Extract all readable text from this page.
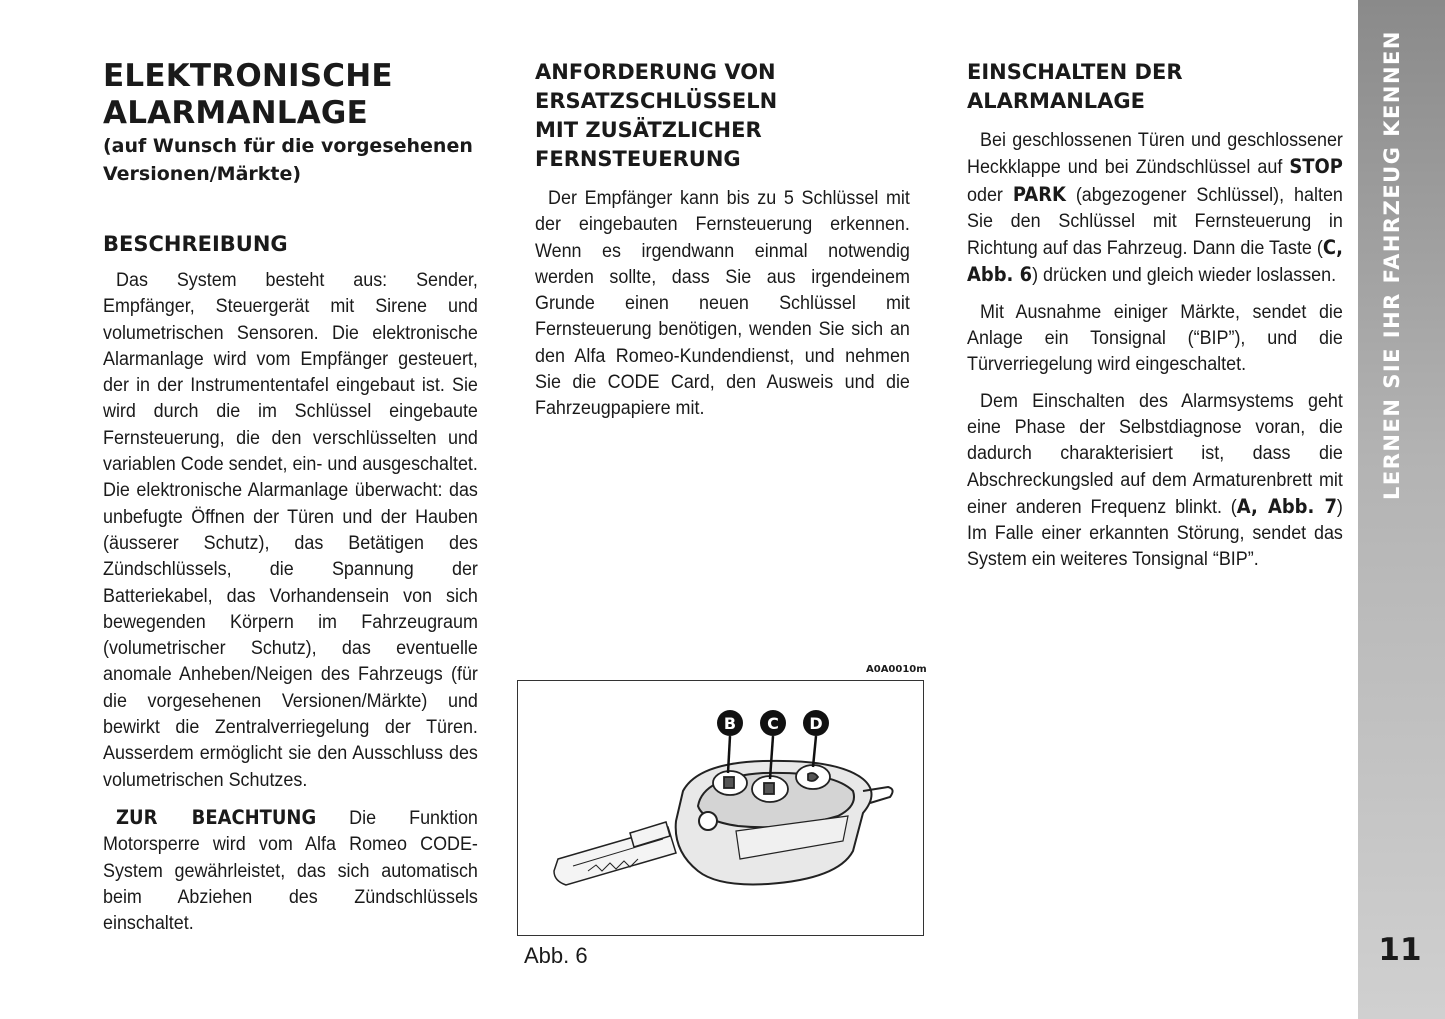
ELEKTRONISCHE
ALARMANLAGE
(auf Wunsch für die vorgesehenen
Versionen/Märkte)
BESCHREIBUNG

Das System besteht aus: Sender, Empfänger, Steuergerät mit Sirene und volumetrischen Sensoren. Die elektronische Alarmanlage wird vom Empfänger gesteuert, der in der Instrumententafel eingebaut ist. Sie wird durch die im Schlüssel eingebaute Fernsteuerung, die den verschlüsselten und variablen Code sendet, ein- und ausgeschaltet. Die elektronische Alarmanlage überwacht: das unbefugte Öffnen der Türen und der Hauben (äusserer Schutz), das Betätigen des Zündschlüssels, die Spannung der Batteriekabel, das Vorhandensein von sich bewegenden Körpern im Fahrzeugraum (volumetrischer Schutz), das eventuelle anomale Anheben/Neigen des Fahrzeugs (für die vorgesehenen Versionen/Märkte) und bewirkt die Zentralverriegelung der Türen. Ausserdem ermöglicht sie den Ausschluss des volumetrischen Schutzes.

ZUR BEACHTUNG Die Funktion Motorsperre wird vom Alfa Romeo CODE-System gewährleistet, das sich automatisch beim Abziehen des Zündschlüssels einschaltet.

ANFORDERUNG VON
ERSATZSCHLÜSSELN
MIT ZUSÄTZLICHER
FERNSTEUERUNG

Der Empfänger kann bis zu 5 Schlüssel mit der eingebauten Fernsteuerung erkennen. Wenn es irgendwann einmal notwendig werden sollte, dass Sie aus irgendeinem Grunde einen neuen Schlüssel mit Fernsteuerung benötigen, wenden Sie sich an den Alfa Romeo-Kundendienst, und nehmen Sie die CODE Card, den Ausweis und die Fahrzeugpapiere mit.

EINSCHALTEN DER
ALARMANLAGE

Bei geschlossenen Türen und geschlossener Heckklappe und bei Zündschlüssel auf STOP oder PARK (abgezogener Schlüssel), halten Sie den Schlüssel mit Fernsteuerung in Richtung auf das Fahrzeug. Dann die Taste (C, Abb. 6) drücken und gleich wieder loslassen.

Mit Ausnahme einiger Märkte, sendet die Anlage ein Tonsignal (“BIP”), und die Türverriegelung wird eingeschaltet.

Dem Einschalten des Alarmsystems geht eine Phase der Selbstdiagnose voran, die dadurch charakterisiert ist, dass die Abschreckungsled auf dem Armaturenbrett mit einer anderen Frequenz blinkt. (A, Abb. 7) Im Falle einer erkannten Störung, sendet das System ein weiteres Tonsignal “BIP”.

A0A0010m
B C D
Abb. 6
LERNEN SIE IHR FAHRZEUG KENNEN
11
